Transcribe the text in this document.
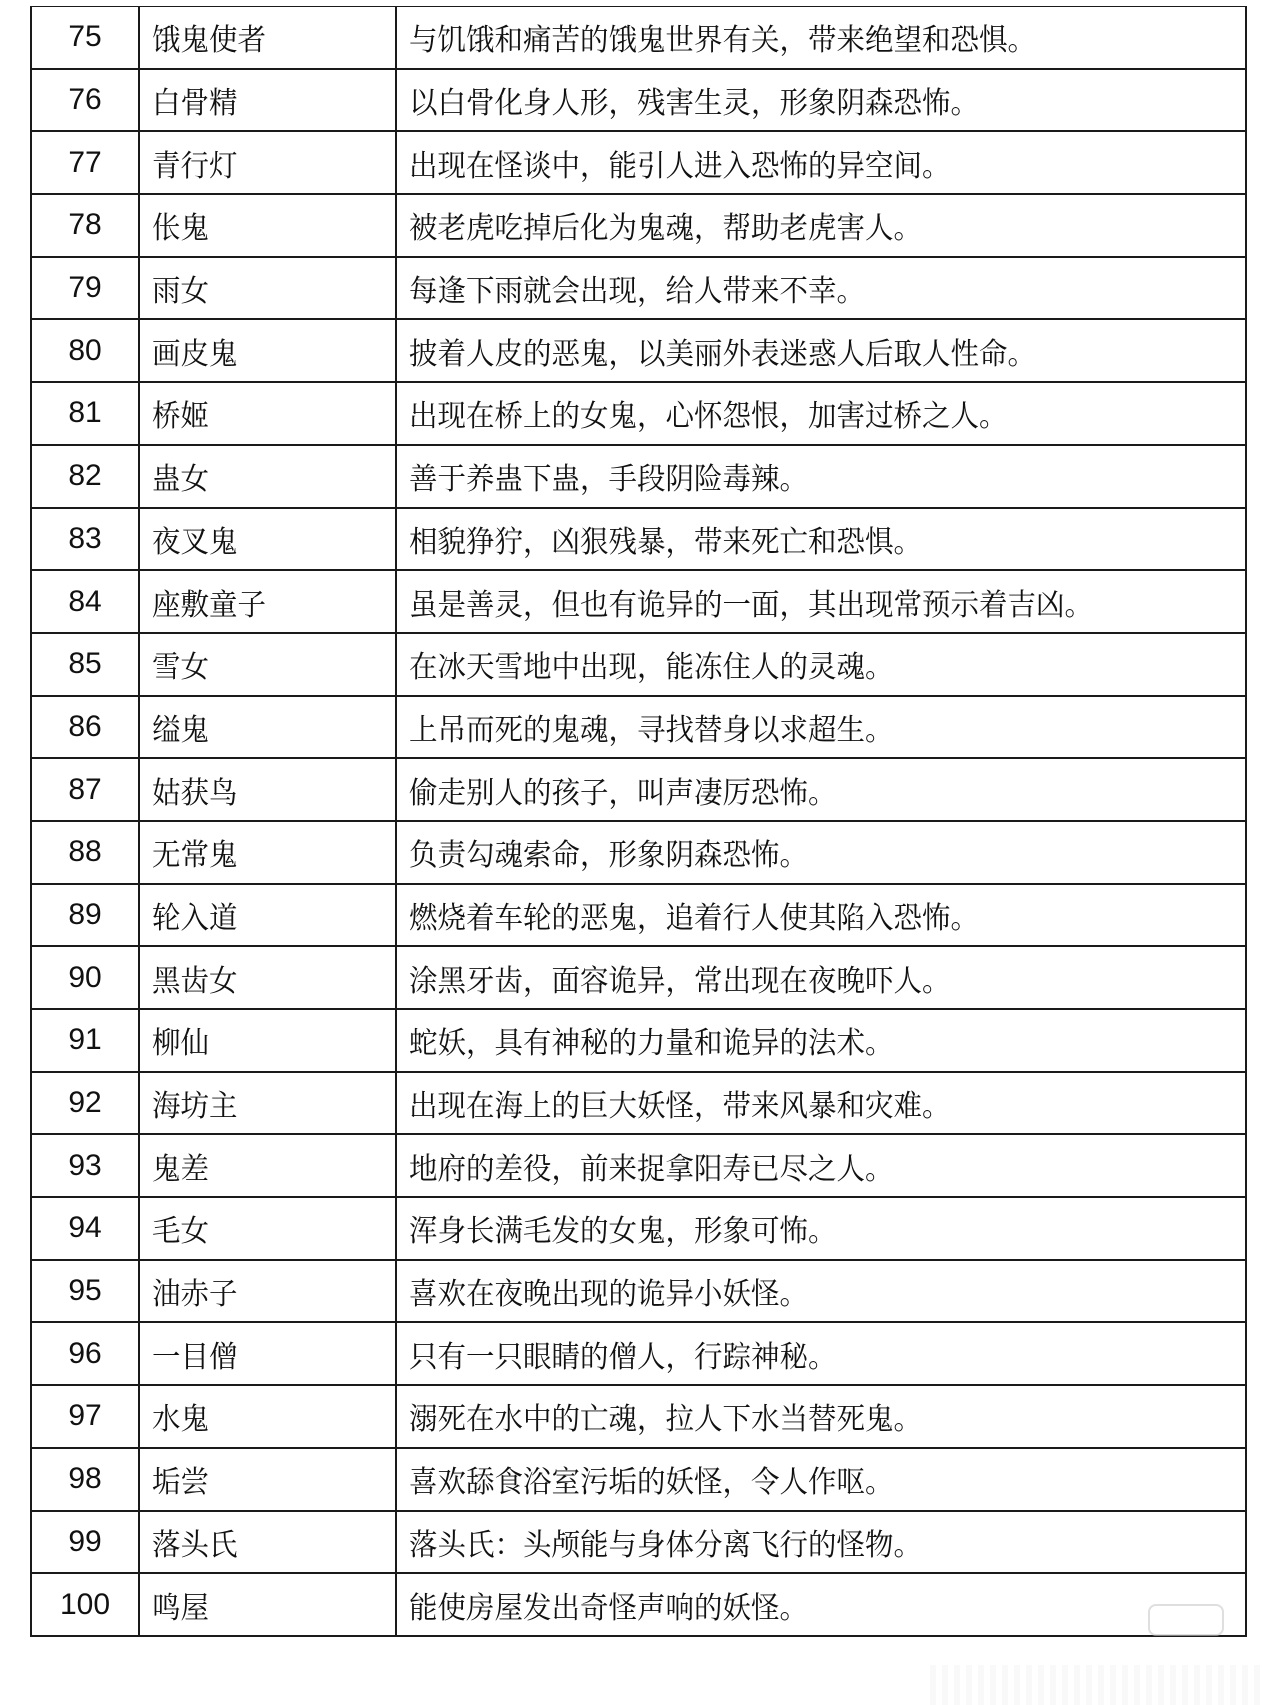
75	饿鬼使者	与饥饿和痛苦的饿鬼世界有关，带来绝望和恐惧。
76	白骨精	以白骨化身人形，残害生灵，形象阴森恐怖。
77	青行灯	出现在怪谈中，能引人进入恐怖的异空间。
78	伥鬼	被老虎吃掉后化为鬼魂，帮助老虎害人。
79	雨女	每逢下雨就会出现，给人带来不幸。
80	画皮鬼	披着人皮的恶鬼，以美丽外表迷惑人后取人性命。
81	桥姬	出现在桥上的女鬼，心怀怨恨，加害过桥之人。
82	蛊女	善于养蛊下蛊，手段阴险毒辣。
83	夜叉鬼	相貌狰狞，凶狠残暴，带来死亡和恐惧。
84	座敷童子	虽是善灵，但也有诡异的一面，其出现常预示着吉凶。
85	雪女	在冰天雪地中出现，能冻住人的灵魂。
86	缢鬼	上吊而死的鬼魂，寻找替身以求超生。
87	姑获鸟	偷走别人的孩子，叫声凄厉恐怖。
88	无常鬼	负责勾魂索命，形象阴森恐怖。
89	轮入道	燃烧着车轮的恶鬼，追着行人使其陷入恐怖。
90	黑齿女	涂黑牙齿，面容诡异，常出现在夜晚吓人。
91	柳仙	蛇妖，具有神秘的力量和诡异的法术。
92	海坊主	出现在海上的巨大妖怪，带来风暴和灾难。
93	鬼差	地府的差役，前来捉拿阳寿已尽之人。
94	毛女	浑身长满毛发的女鬼，形象可怖。
95	油赤子	喜欢在夜晚出现的诡异小妖怪。
96	一目僧	只有一只眼睛的僧人，行踪神秘。
97	水鬼	溺死在水中的亡魂，拉人下水当替死鬼。
98	垢尝	喜欢舔食浴室污垢的妖怪，令人作呕。
99	落头氏	落头氏：头颅能与身体分离飞行的怪物。
100	鸣屋	能使房屋发出奇怪声响的妖怪。
